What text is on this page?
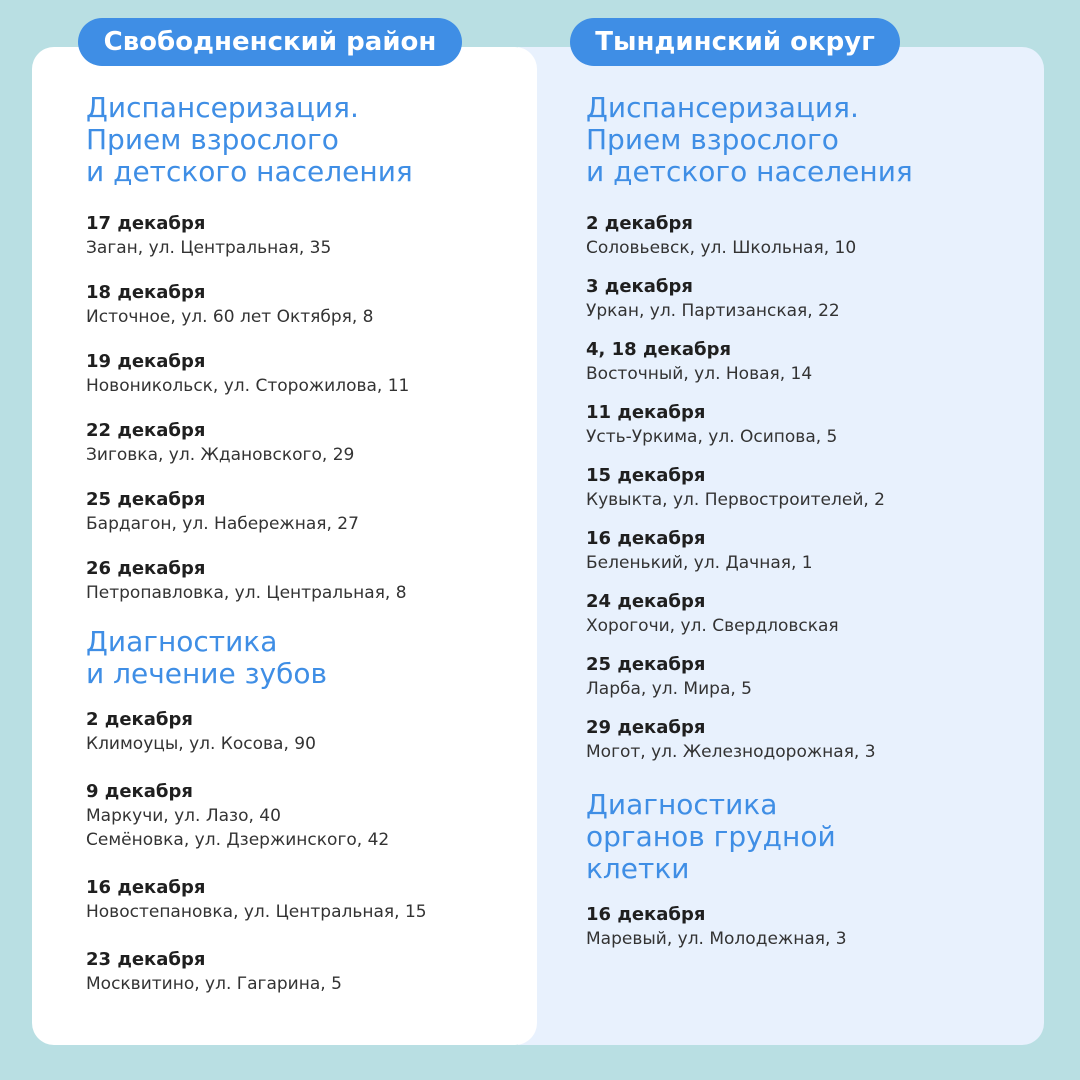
Свободненский район	Тындинский округ
Диспансеризация.
Прием взрослого
и детского населения
17 декабря
Заган, ул. Центральная, 35
18 декабря
Источное, ул. 60 лет Октября, 8
19 декабря
Новоникольск, ул. Сторожилова, 11
22 декабря
Зиговка, ул. Ждановского, 29
25 декабря
Бардагон, ул. Набережная, 27
26 декабря
Петропавловка, ул. Центральная, 8
Диагностика
и лечение зубов
2 декабря
Климоуцы, ул. Косова, 90
9 декабря
Маркучи, ул. Лазо, 40
Семёновка, ул. Дзержинского, 42
16 декабря
Новостепановка, ул. Центральная, 15
23 декабря
Москвитино, ул. Гагарина, 5
Диспансеризация.
Прием взрослого
и детского населения
2 декабря
Соловьевск, ул. Школьная, 10
3 декабря
Уркан, ул. Партизанская, 22
4, 18 декабря
Восточный, ул. Новая, 14
11 декабря
Усть-Уркима, ул. Осипова, 5
15 декабря
Кувыкта, ул. Первостроителей, 2
16 декабря
Беленький, ул. Дачная, 1
24 декабря
Хорогочи, ул. Свердловская
25 декабря
Ларба, ул. Мира, 5
29 декабря
Могот, ул. Железнодорожная, 3
Диагностика
органов грудной
клетки
16 декабря
Маревый, ул. Молодежная, 3
